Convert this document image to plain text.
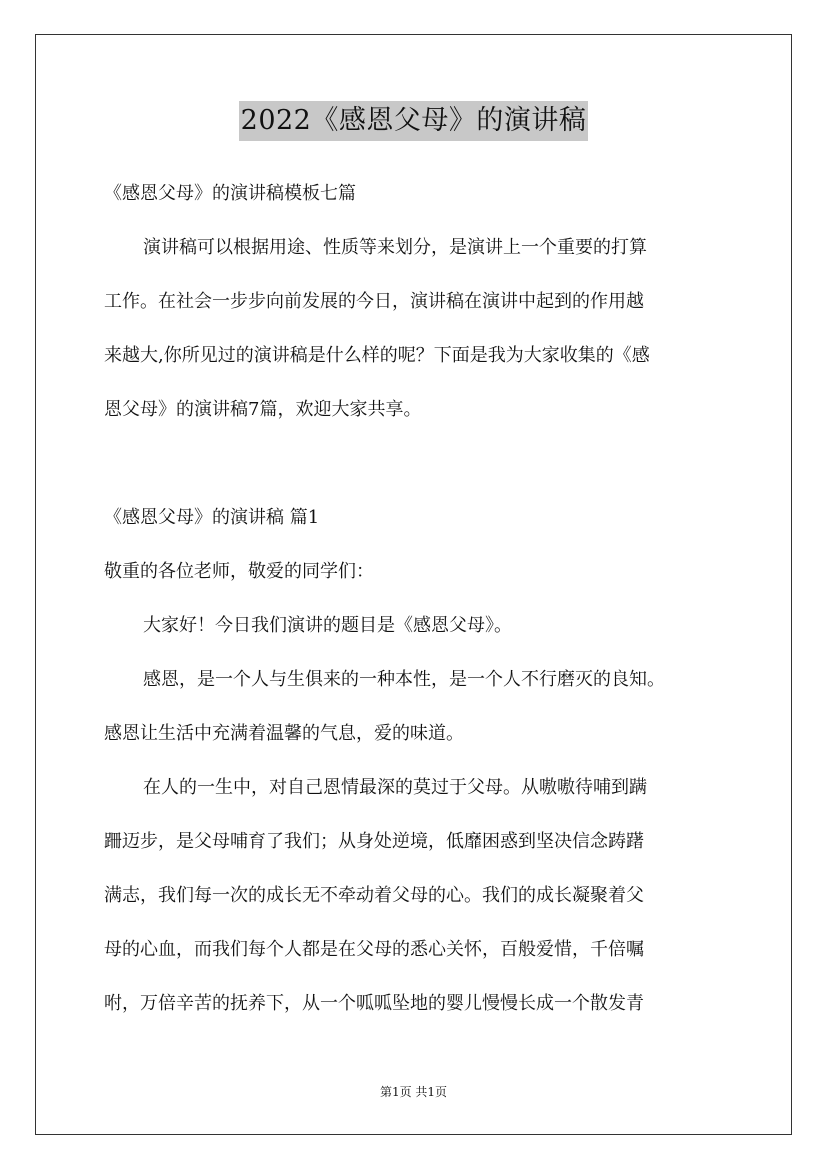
2022《感恩父母》的演讲稿
《感恩父母》的演讲稿模板七篇
演讲稿可以根据用途、性质等来划分，是演讲上一个重要的打算
工作。在社会一步步向前发展的今日，演讲稿在演讲中起到的作用越
来越大,你所见过的演讲稿是什么样的呢？下面是我为大家收集的《感
恩父母》的演讲稿7篇，欢迎大家共享。
《感恩父母》的演讲稿 篇1
敬重的各位老师，敬爱的同学们：
大家好！今日我们演讲的题目是《感恩父母》。
感恩，是一个人与生俱来的一种本性，是一个人不行磨灭的良知。
感恩让生活中充满着温馨的气息，爱的味道。
在人的一生中，对自己恩情最深的莫过于父母。从嗷嗷待哺到蹒
跚迈步，是父母哺育了我们；从身处逆境，低靡困惑到坚决信念踌躇
满志，我们每一次的成长无不牵动着父母的心。我们的成长凝聚着父
母的心血，而我们每个人都是在父母的悉心关怀，百般爱惜，千倍嘱
咐，万倍辛苦的抚养下，从一个呱呱坠地的婴儿慢慢长成一个散发青
第1页 共1页
